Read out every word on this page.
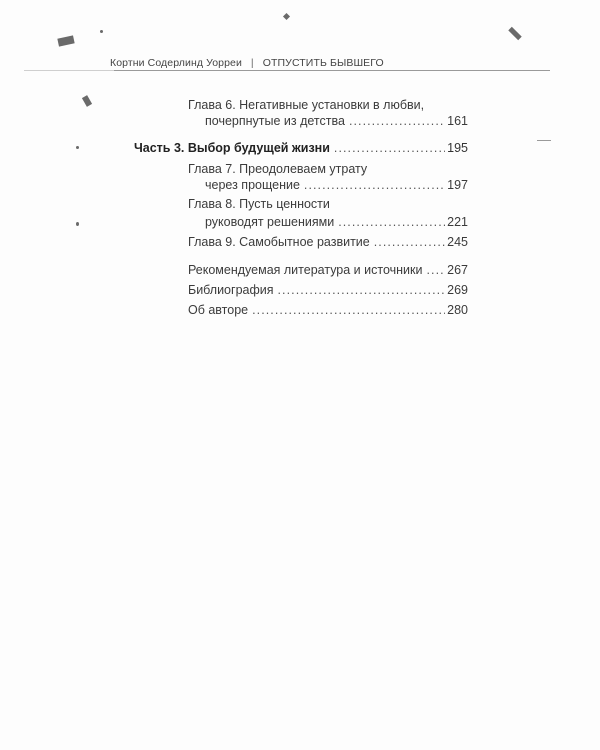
Кортни Содерлинд Уорреи | ОТПУСТИТЬ БЫВШЕГО
Глава 6. Негативные установки в любви,
почерпнутые из детства . . .	161
Часть 3. Выбор будущей жизни . . .	195
Глава 7. Преодолеваем утрату
через прощение . . .	197
Глава 8. Пусть ценности
руководят решениями . . .	221
Глава 9. Самобытное развитие . . .	245
Рекомендуемая литература и источники . . . 267
Библиография . . .	269
Об авторе . . .	280
